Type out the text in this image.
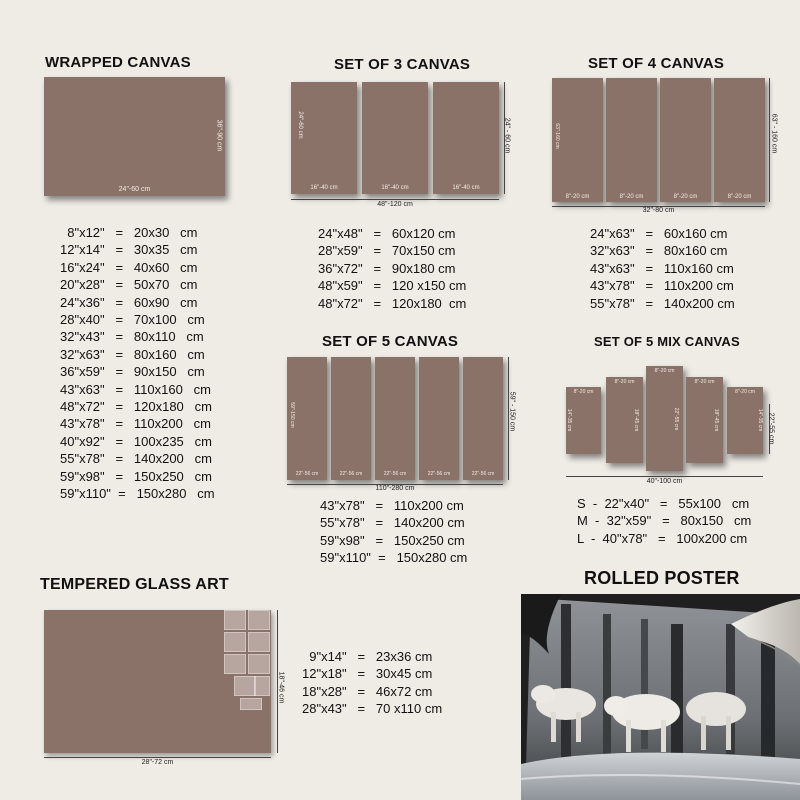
WRAPPED CANVAS
24"-60 cm
36"-90 cm
8"x12"   =   20x30   cm
12"x14"   =   30x35   cm
16"x24"   =   40x60   cm
20"x28"   =   50x70   cm
24"x36"   =   60x90   cm
28"x40"   =   70x100   cm
32"x43"   =   80x110   cm
32"x63"   =   80x160   cm
36"x59"   =   90x150   cm
43"x63"   =   110x160   cm
48"x72"   =   120x180   cm
43"x78"   =   110x200   cm
40"x92"   =   100x235   cm
55"x78"   =   140x200   cm
59"x98"   =   150x250   cm
59"x110"  =   150x280   cm
SET OF 3 CANVAS
16"-40 cm
24"-60 cm
16"-40 cm	16"-40 cm
48"-120 cm
24" - 60 cm
24"x48"   =   60x120 cm
28"x59"   =   70x150 cm
36"x72"   =   90x180 cm
48"x59"   =   120 x150 cm
48"x72"   =   120x180  cm
SET OF 4 CANVAS
8"-20 cm
63"-160 cm
8"-20 cm	8"-20 cm	8"-20 cm
32"-80 cm
63" - 160 cm
24"x63"   =   60x160 cm
32"x63"   =   80x160 cm
43"x63"   =   110x160 cm
43"x78"   =   110x200 cm
55"x78"   =   140x200 cm
SET OF 5 CANVAS
22"-56 cm
59"-150 cm
22"-56 cm	22"-56 cm	22"-56 cm	22"-56 cm
110"-280 cm
59" - 150 cm
43"x78"   =   110x200 cm
55"x78"   =   140x200 cm
59"x98"   =   150x250 cm
59"x110"  =   150x280 cm
SET OF 5 MIX CANVAS
8"-20 cm
14"-35 cm
8"-20 cm
18"-45 cm
8"-20 cm
22"-55 cm
8"-20 cm
18"-45 cm
8"-20 cm
14"-35 cm
40"-100 cm
22"-55 cm
S  -  22"x40"   =   55x100   cm
M  -  32"x59"   =   80x150   cm
L  -  40"x78"   =   100x200 cm
TEMPERED GLASS ART
28"-72 cm
18"-46 cm
9"x14"   =   23x36 cm
12"x18"   =   30x45 cm
18"x28"   =   46x72 cm
28"x43"   =   70 x110 cm
ROLLED POSTER
